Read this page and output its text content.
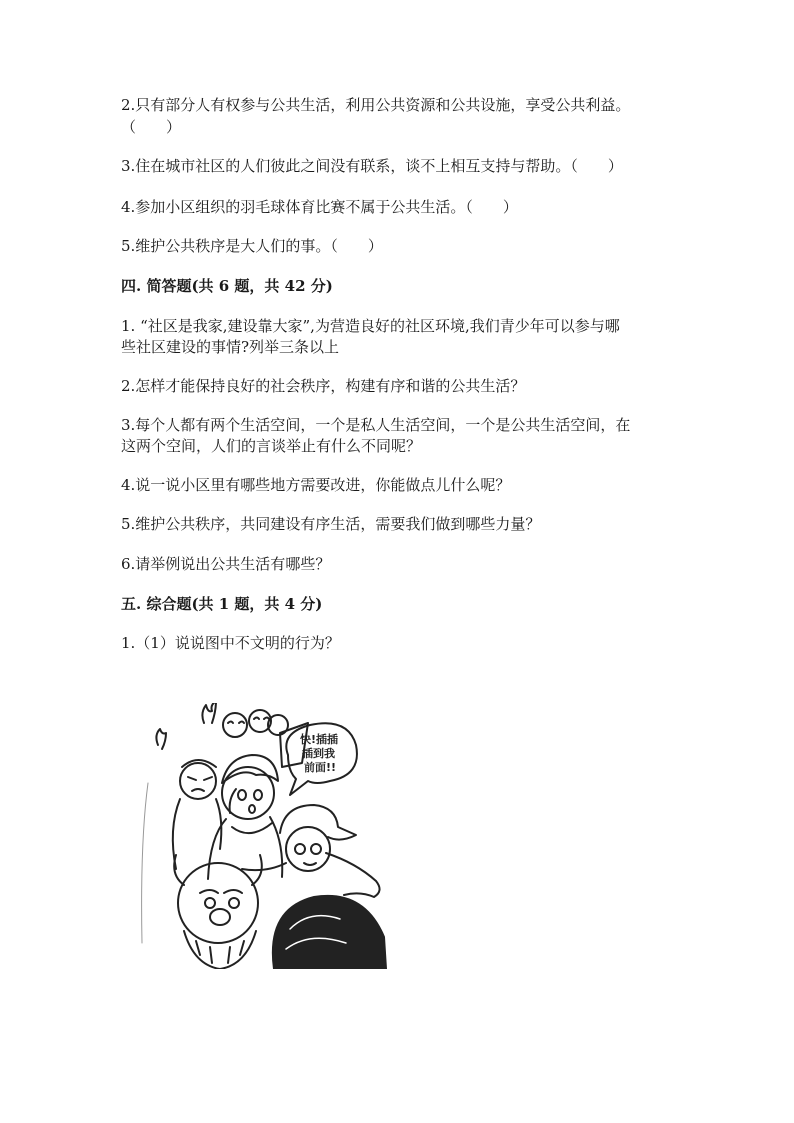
2.只有部分人有权参与公共生活，利用公共资源和公共设施，享受公共利益。
（　　）
3.住在城市社区的人们彼此之间没有联系，谈不上相互支持与帮助。（　　）
4.参加小区组织的羽毛球体育比赛不属于公共生活。（　　）
5.维护公共秩序是大人们的事。（　　）
四. 简答题(共 6 题，共 42 分)
1. “社区是我家,建设靠大家”,为营造良好的社区环境,我们青少年可以参与哪
些社区建设的事情?列举三条以上
2.怎样才能保持良好的社会秩序，构建有序和谐的公共生活？
3.每个人都有两个生活空间，一个是私人生活空间，一个是公共生活空间，在
这两个空间，人们的言谈举止有什么不同呢？
4.说一说小区里有哪些地方需要改进，你能做点儿什么呢？
5.维护公共秩序，共同建设有序生活，需要我们做到哪些力量？
6.请举例说出公共生活有哪些？
五. 综合题(共 1 题，共 4 分)
1.（1）说说图中不文明的行为？
快!插插
插到我
前面!!
